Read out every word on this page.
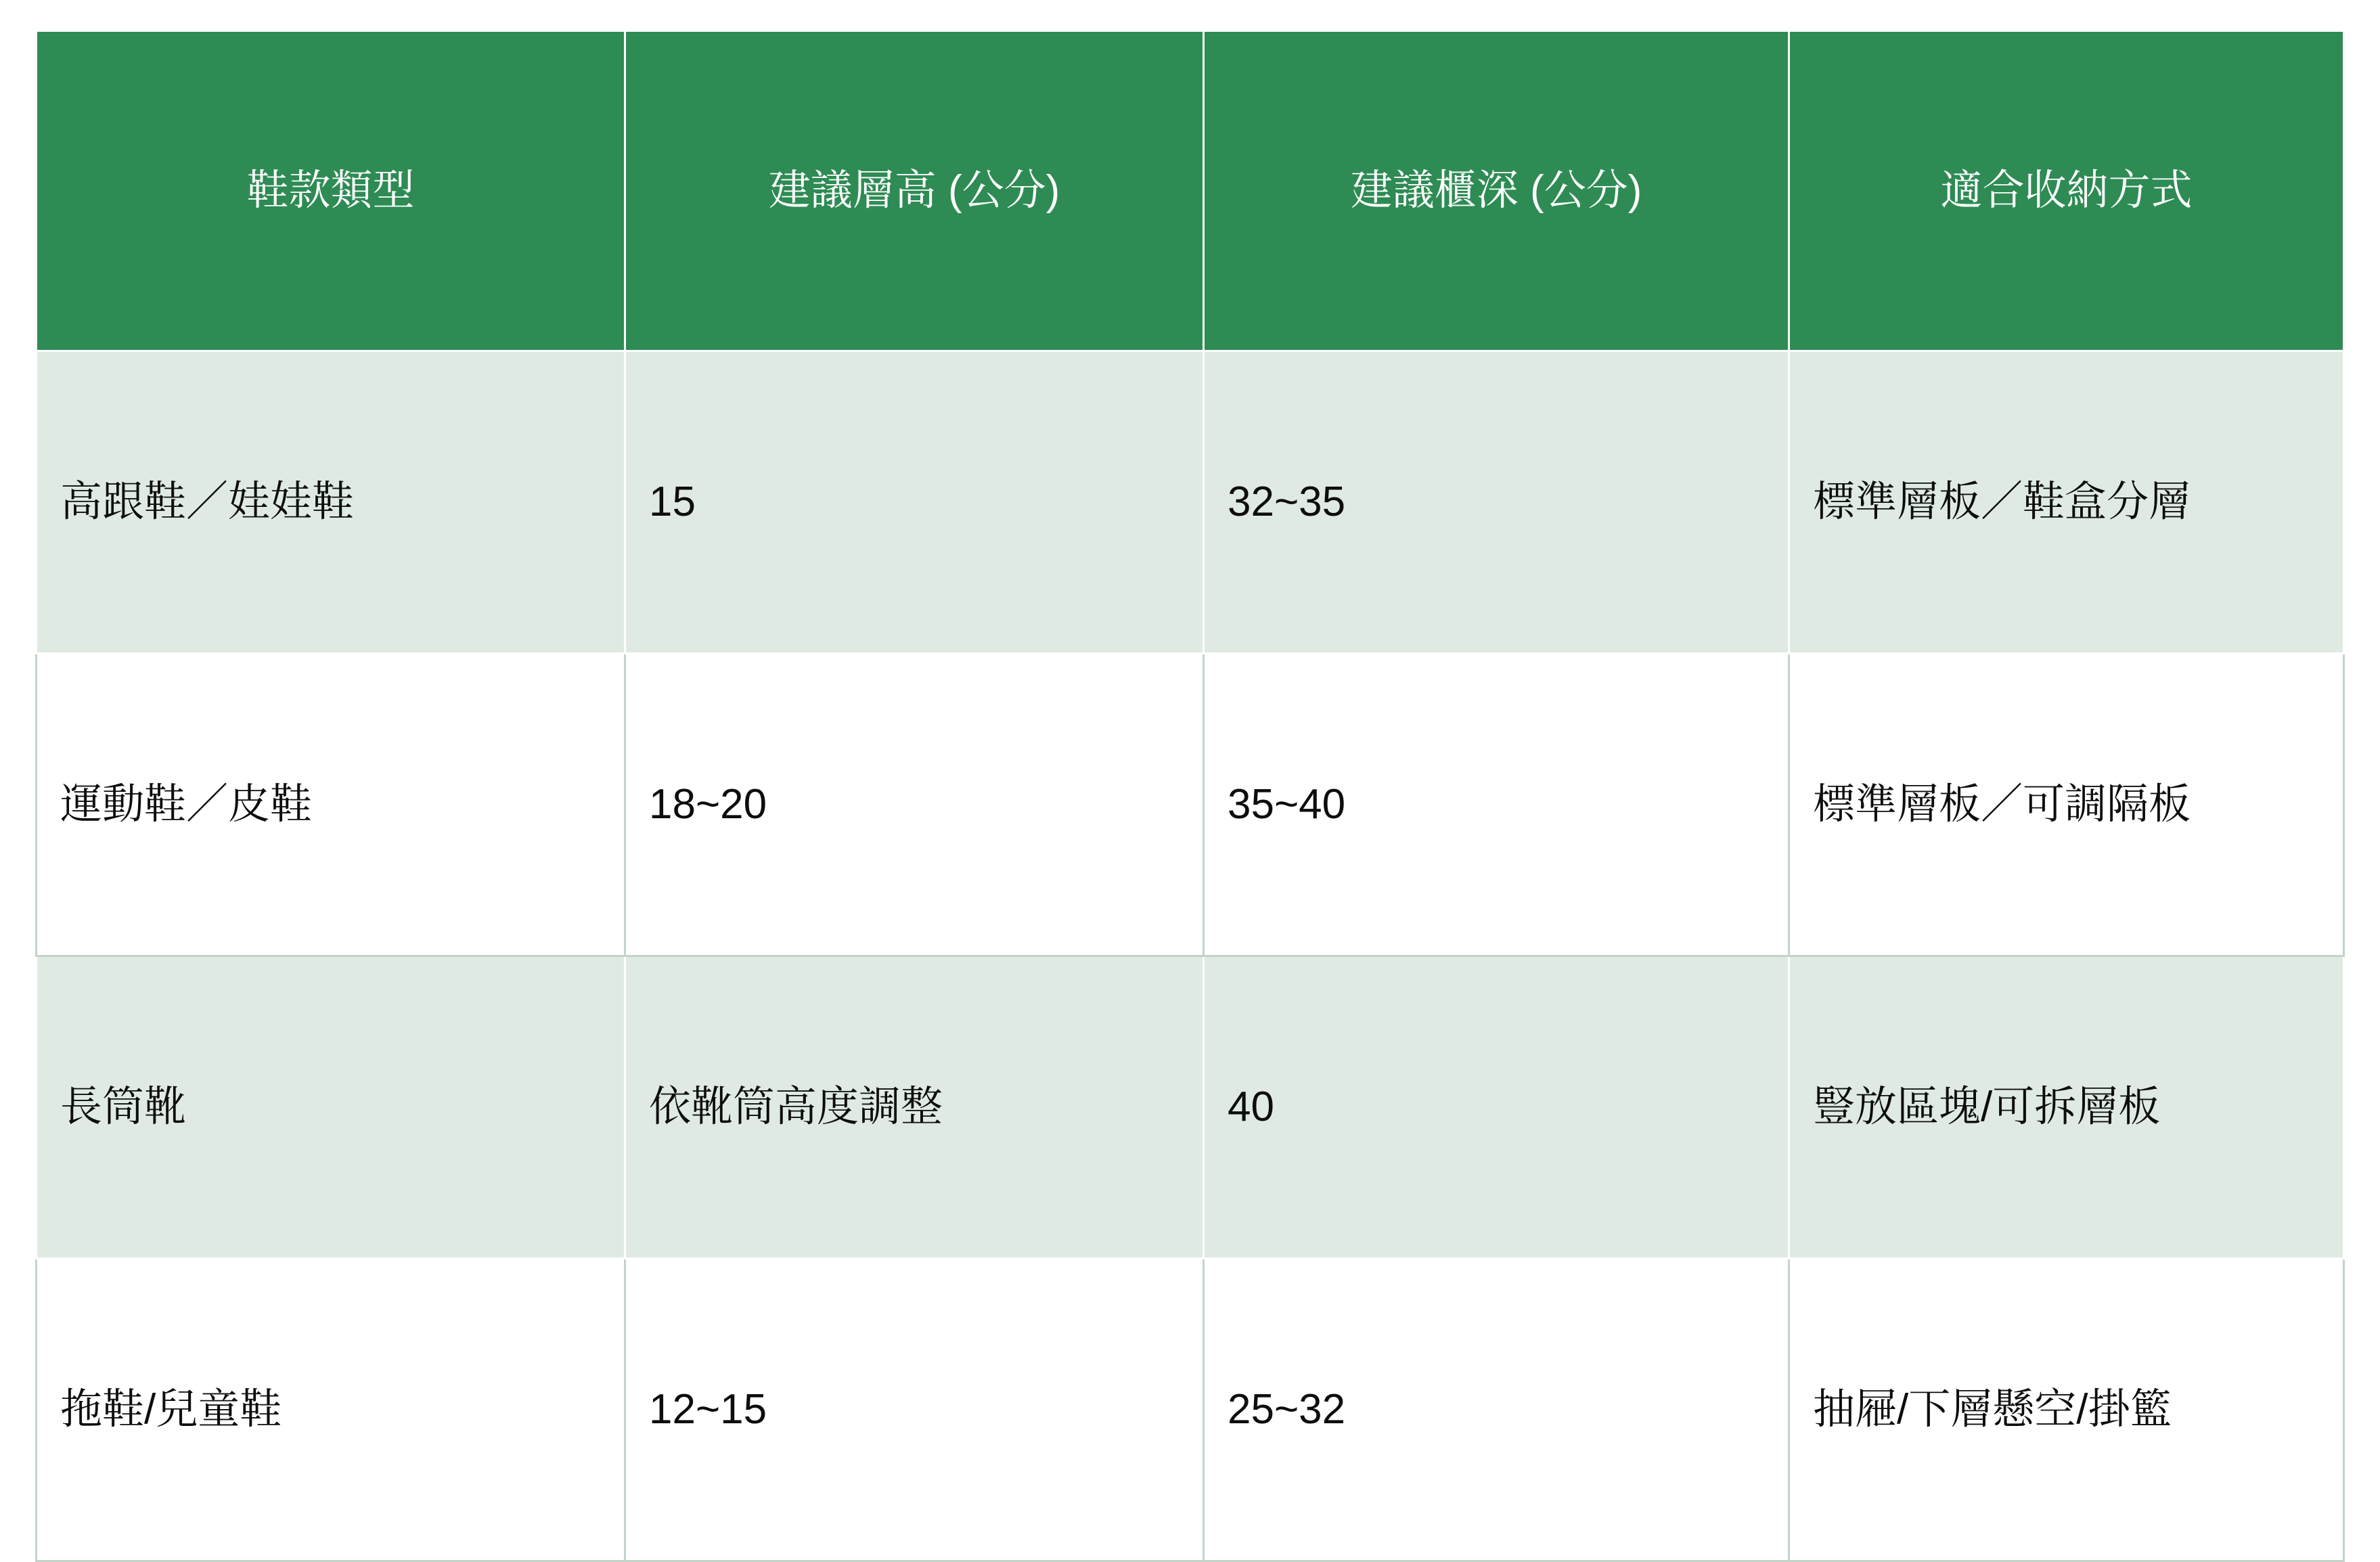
鞋款類型	建議層高 (公分)	建議櫃深 (公分)	適合收納方式
高跟鞋／娃娃鞋	15	32~35	標準層板／鞋盒分層
運動鞋／皮鞋	18~20	35~40	標準層板／可調隔板
長筒靴	依靴筒高度調整	40	豎放區塊/可拆層板
拖鞋/兒童鞋	12~15	25~32	抽屜/下層懸空/掛籃
